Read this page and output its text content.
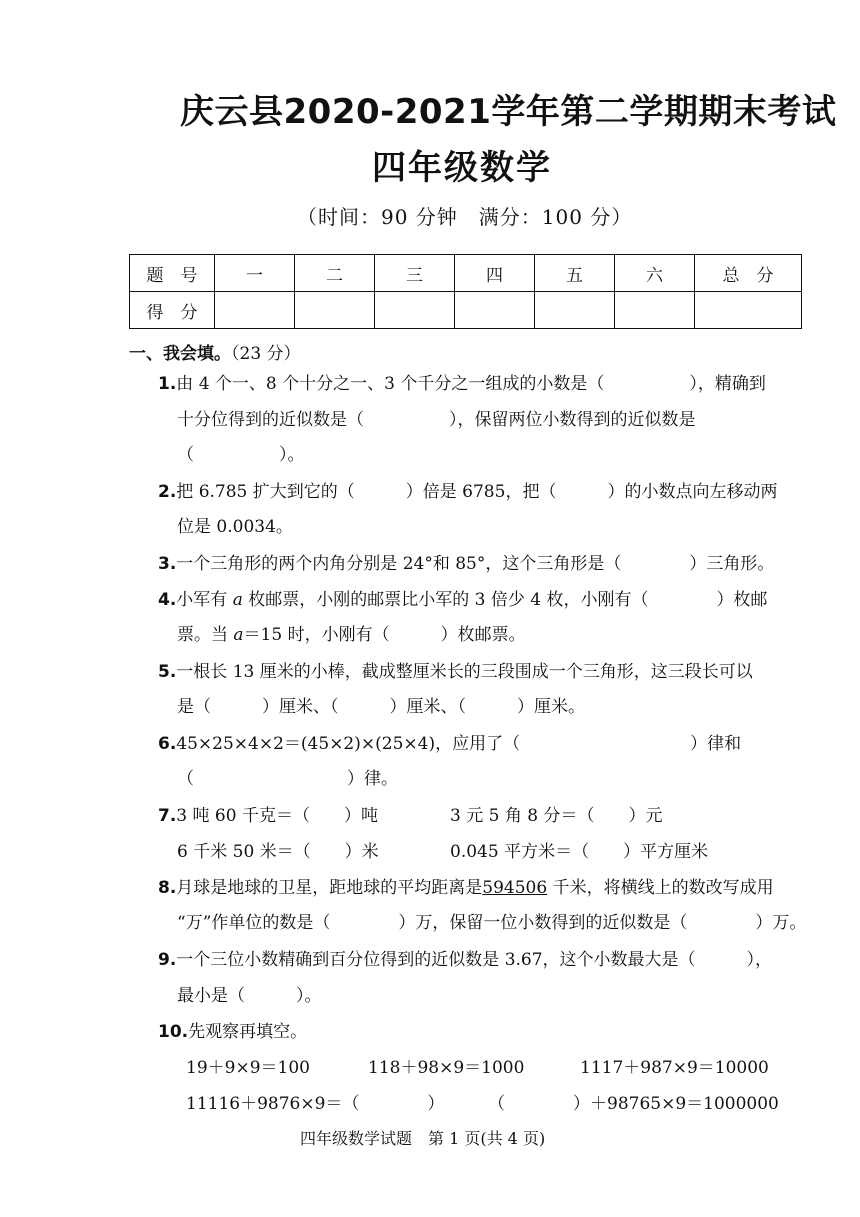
庆云县2020-2021学年第二学期期末考试
四年级数学
（时间：90 分钟　满分：100 分）
题　号	一	二	三	四	五	六	总　分
得　分							
一、我会填。（23 分）
1.由 4 个一、8 个十分之一、3 个千分之一组成的小数是（　　　　　），精确到
十分位得到的近似数是（　　　　　），保留两位小数得到的近似数是
（　　　　　）。
2.把 6.785 扩大到它的（　　　）倍是 6785，把（　　　）的小数点向左移动两
位是 0.0034。
3.一个三角形的两个内角分别是 24°和 85°，这个三角形是（　　　　）三角形。
4.小军有 a 枚邮票，小刚的邮票比小军的 3 倍少 4 枚，小刚有（　　　　）枚邮
票。当 a＝15 时，小刚有（　　　）枚邮票。
5.一根长 13 厘米的小棒，截成整厘米长的三段围成一个三角形，这三段长可以
是（　　　）厘米、（　　　）厘米、（　　　）厘米。
6.45×25×4×2＝(45×2)×(25×4)，应用了（　　　　　　　　　　）律和
（　　　　　　　　　）律。
7.3 吨 60 千克＝（　　）吨	3 元 5 角 8 分＝（　　）元
6 千米 50 米＝（　　）米	0.045 平方米＝（　　）平方厘米
8.月球是地球的卫星，距地球的平均距离是594506 千米，将横线上的数改写成用
“万”作单位的数是（　　　　）万，保留一位小数得到的近似数是（　　　　）万。
9.一个三位小数精确到百分位得到的近似数是 3.67，这个小数最大是（　　　），
最小是（　　　）。
10.先观察再填空。
19＋9×9＝100	118＋98×9＝1000	1117＋987×9＝10000
11116＋9876×9＝（　　　　）	（　　　　）＋98765×9＝1000000
四年级数学试题　第 1 页(共 4 页)
